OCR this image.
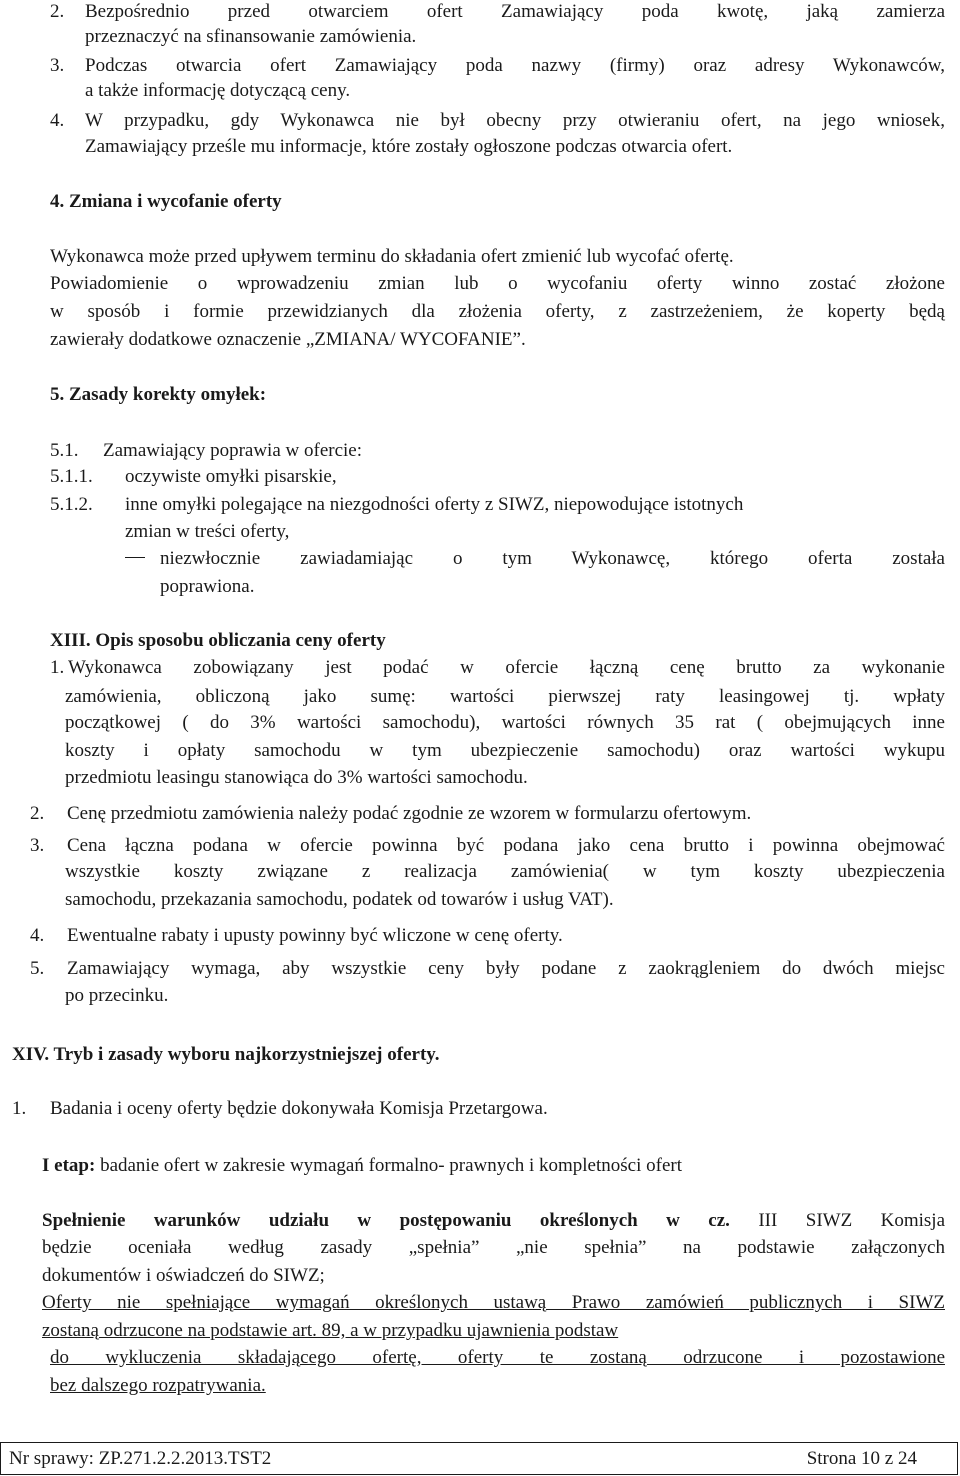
2. Bezpośrednio przed otwarciem ofert Zamawiający poda kwotę, jaką zamierza
przeznaczyć na sfinansowanie zamówienia.
3. Podczas otwarcia ofert Zamawiający poda nazwy (firmy) oraz adresy Wykonawców,
a także informację dotyczącą ceny.
4. W przypadku, gdy Wykonawca nie był obecny przy otwieraniu ofert, na jego wniosek,
Zamawiający prześle mu informacje, które zostały ogłoszone podczas otwarcia ofert.
4. Zmiana i wycofanie oferty
Wykonawca może przed upływem terminu do składania ofert zmienić lub wycofać ofertę.
Powiadomienie o wprowadzeniu zmian lub o wycofaniu oferty winno zostać złożone
w sposób i formie przewidzianych dla złożenia oferty, z zastrzeżeniem, że koperty będą
zawierały dodatkowe oznaczenie „ZMIANA/ WYCOFANIE”.
5. Zasady korekty omyłek:
5.1. Zamawiający poprawia w ofercie:
5.1.1. oczywiste omyłki pisarskie,
5.1.2. inne omyłki polegające na niezgodności oferty z SIWZ, niepowodujące istotnych
zmian w treści oferty,
niezwłocznie zawiadamiając o tym Wykonawcę, którego oferta została
poprawiona.
XIII. Opis sposobu obliczania ceny oferty
1. Wykonawca zobowiązany jest podać w ofercie łączną cenę brutto za wykonanie
zamówienia, obliczoną jako sumę: wartości pierwszej raty leasingowej tj. wpłaty
początkowej ( do 3% wartości samochodu), wartości równych 35 rat ( obejmujących inne
koszty i opłaty samochodu w tym ubezpieczenie samochodu) oraz wartości wykupu
przedmiotu leasingu stanowiąca do 3% wartości samochodu.
2. Cenę przedmiotu zamówienia należy podać zgodnie ze wzorem w formularzu ofertowym.
3. Cena łączna podana w ofercie powinna być podana jako cena brutto i powinna obejmować
wszystkie koszty związane z realizacja zamówienia( w tym koszty ubezpieczenia
samochodu, przekazania samochodu, podatek od towarów i usług VAT).
4. Ewentualne rabaty i upusty powinny być wliczone w cenę oferty.
5. Zamawiający wymaga, aby wszystkie ceny były podane z zaokrągleniem do dwóch miejsc
po przecinku.
XIV. Tryb i zasady wyboru najkorzystniejszej oferty.
1. Badania i oceny oferty będzie dokonywała Komisja Przetargowa.
I etap: badanie ofert w zakresie wymagań formalno- prawnych i kompletności ofert
Spełnienie warunków udziału w postępowaniu określonych w cz. III SIWZ Komisja
będzie oceniała według zasady „spełnia” „nie spełnia” na podstawie załączonych
dokumentów i oświadczeń do SIWZ;
Oferty nie spełniające wymagań określonych ustawą Prawo zamówień publicznych i SIWZ
zostaną odrzucone na podstawie art. 89, a w przypadku ujawnienia podstaw
do wykluczenia składającego ofertę, oferty te zostaną odrzucone i pozostawione
bez dalszego rozpatrywania.
Nr sprawy: ZP.271.2.2.2013.TST2	Strona 10 z 24
